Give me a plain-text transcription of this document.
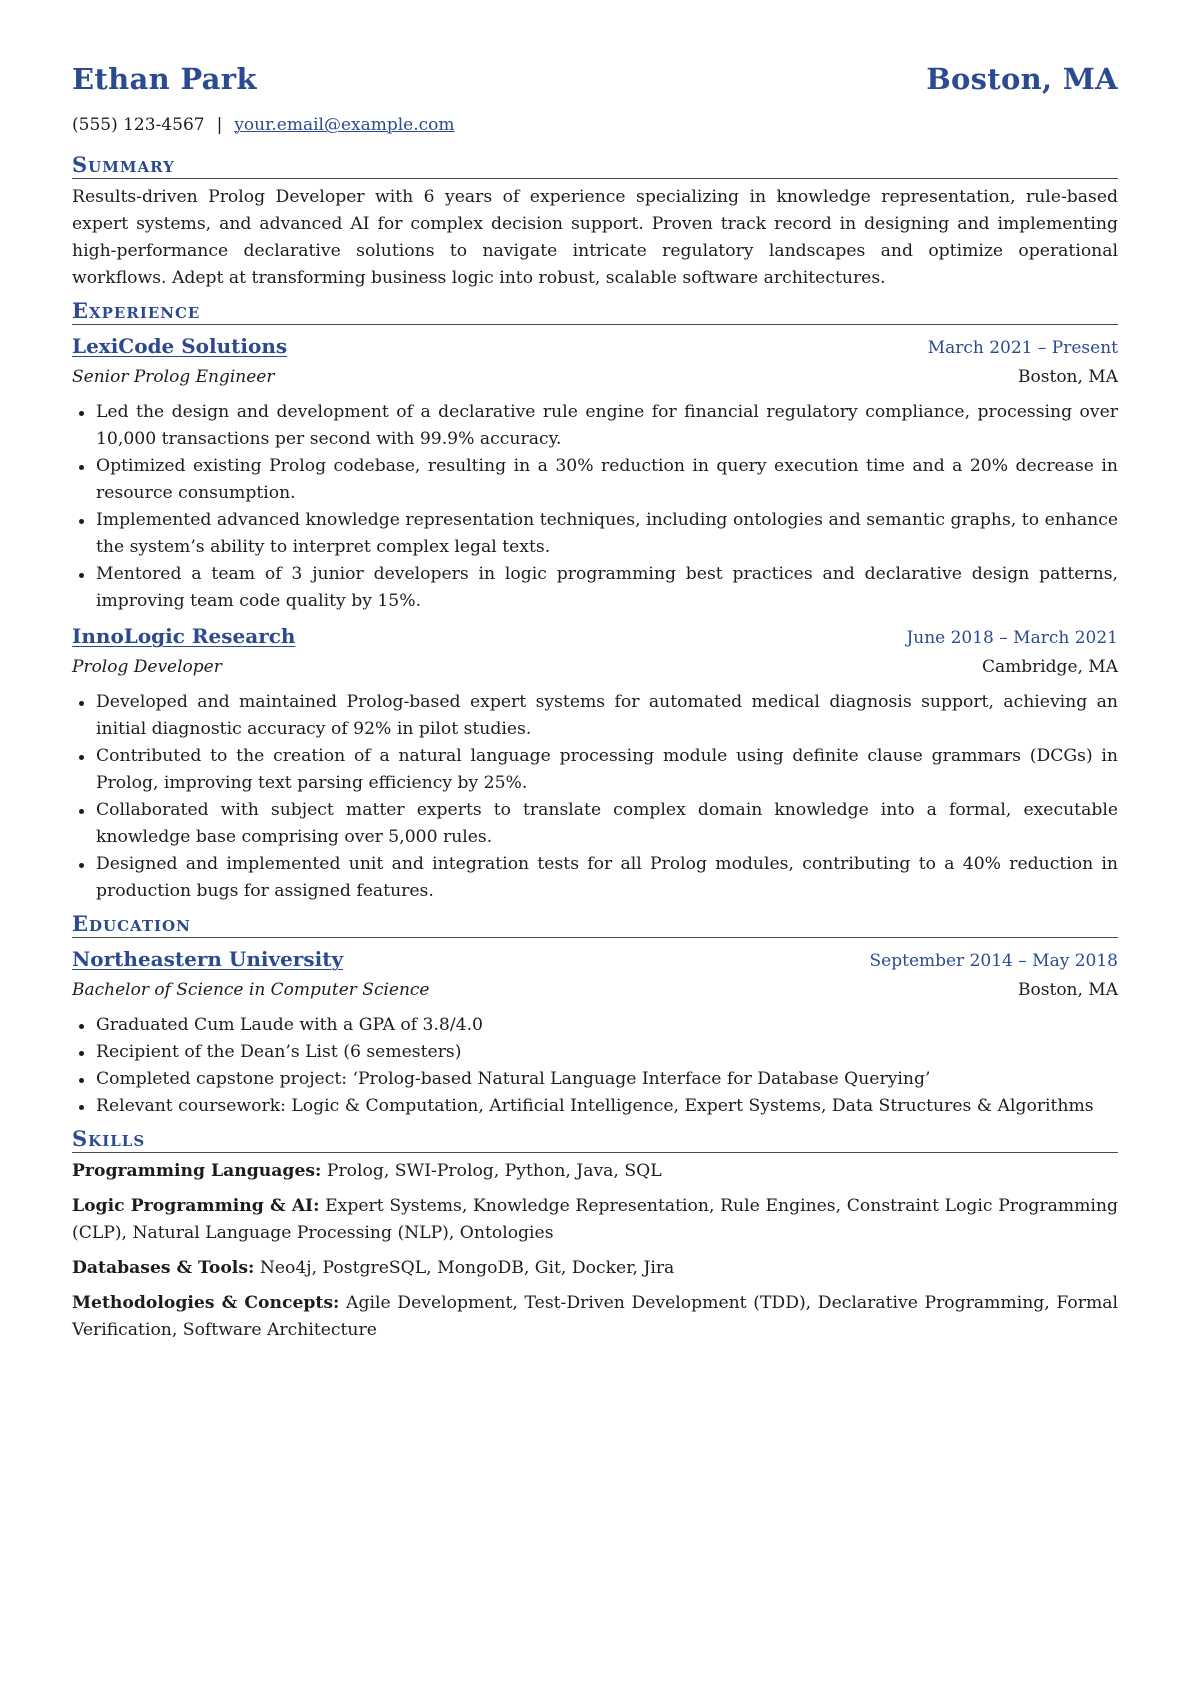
Ethan Park	Boston, MA
(555) 123-4567 | your.email@example.com
Summary
Results-driven Prolog Developer with 6 years of experience specializing in knowledge representation, rule-based expert systems, and advanced AI for complex decision support. Proven track record in designing and implementing high-performance declarative solutions to navigate intricate regulatory landscapes and optimize operational workflows. Adept at transforming business logic into robust, scalable software architectures.
Experience
LexiCode Solutions	March 2021 – Present
Senior Prolog Engineer	Boston, MA
Led the design and development of a declarative rule engine for financial regulatory compliance, processing over 10,000 transactions per second with 99.9% accuracy.
Optimized existing Prolog codebase, resulting in a 30% reduction in query execution time and a 20% decrease in resource consumption.
Implemented advanced knowledge representation techniques, including ontologies and semantic graphs, to enhance the system’s ability to interpret complex legal texts.
Mentored a team of 3 junior developers in logic programming best practices and declarative design patterns, improving team code quality by 15%.
InnoLogic Research	June 2018 – March 2021
Prolog Developer	Cambridge, MA
Developed and maintained Prolog-based expert systems for automated medical diagnosis support, achieving an initial diagnostic accuracy of 92% in pilot studies.
Contributed to the creation of a natural language processing module using definite clause grammars (DCGs) in Prolog, improving text parsing efficiency by 25%.
Collaborated with subject matter experts to translate complex domain knowledge into a formal, executable knowledge base comprising over 5,000 rules.
Designed and implemented unit and integration tests for all Prolog modules, contributing to a 40% reduction in production bugs for assigned features.
Education
Northeastern University	September 2014 – May 2018
Bachelor of Science in Computer Science	Boston, MA
Graduated Cum Laude with a GPA of 3.8/4.0
Recipient of the Dean’s List (6 semesters)
Completed capstone project: ‘Prolog-based Natural Language Interface for Database Querying’
Relevant coursework: Logic & Computation, Artificial Intelligence, Expert Systems, Data Structures & Algorithms
Skills
Programming Languages: Prolog, SWI-Prolog, Python, Java, SQL
Logic Programming & AI: Expert Systems, Knowledge Representation, Rule Engines, Constraint Logic Programming (CLP), Natural Language Processing (NLP), Ontologies
Databases & Tools: Neo4j, PostgreSQL, MongoDB, Git, Docker, Jira
Methodologies & Concepts: Agile Development, Test-Driven Development (TDD), Declarative Programming, Formal Verification, Software Architecture
